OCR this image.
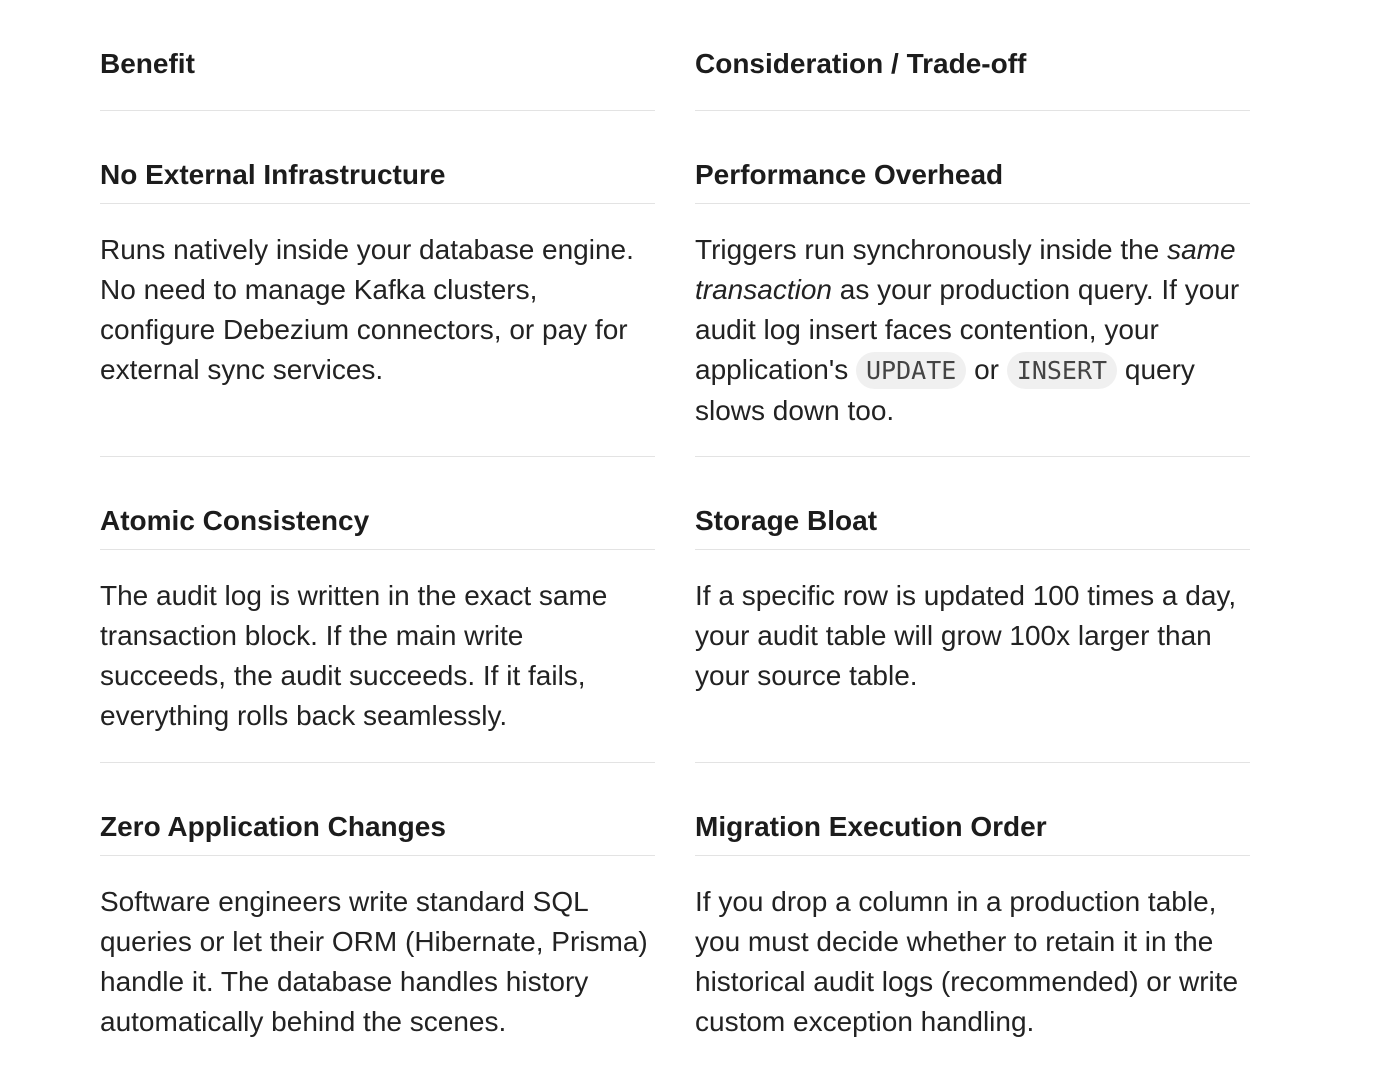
Benefit	Consideration / Trade-off

No External Infrastructure	Performance Overhead

Runs natively inside your database engine. No need to manage Kafka clusters, configure Debezium connectors, or pay for external sync services.	Triggers run synchronously inside the same transaction as your production query. If your audit log insert faces contention, your application's UPDATE or INSERT query slows down too.

Atomic Consistency	Storage Bloat

The audit log is written in the exact same transaction block. If the main write succeeds, the audit succeeds. If it fails, everything rolls back seamlessly.	If a specific row is updated 100 times a day, your audit table will grow 100x larger than your source table.

Zero Application Changes	Migration Execution Order

Software engineers write standard SQL queries or let their ORM (Hibernate, Prisma) handle it. The database handles history automatically behind the scenes.	If you drop a column in a production table, you must decide whether to retain it in the historical audit logs (recommended) or write custom exception handling.
